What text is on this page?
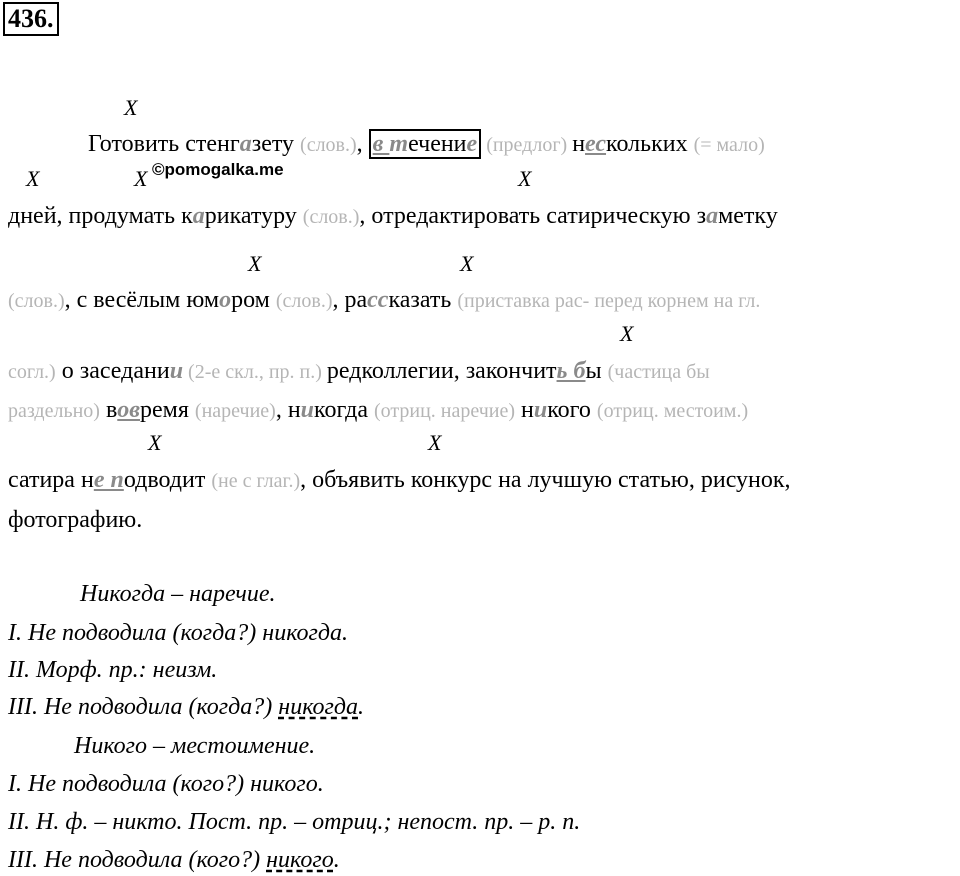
436.
X
X	X	X
X	X
X
X	X
©pomogalka.me
Готовить стенгазету (слов.), в течение (предлог) нескольких (= мало)
дней, продумать карикатуру (слов.), отредактировать сатирическую заметку
(слов.), с весёлым юмором (слов.), рассказать (приставка рас- перед корнем на гл.
согл.) о заседании (2-е скл., пр. п.) редколлегии, закончить бы (частица бы
раздельно) вовремя (наречие), никогда (отриц. наречие) никого (отриц. местоим.)
сатира не подводит (не с глаг.), объявить конкурс на лучшую статью, рисунок,
фотографию.
Никогда – наречие.
I. Не подводила (когда?) никогда.
II. Морф. пр.: неизм.
III. Не подводила (когда?) никогда.
Никого – местоимение.
I. Не подводила (кого?) никого.
II. Н. ф. – никто. Пост. пр. – отриц.; непост. пр. – р. п.
III. Не подводила (кого?) никого.
